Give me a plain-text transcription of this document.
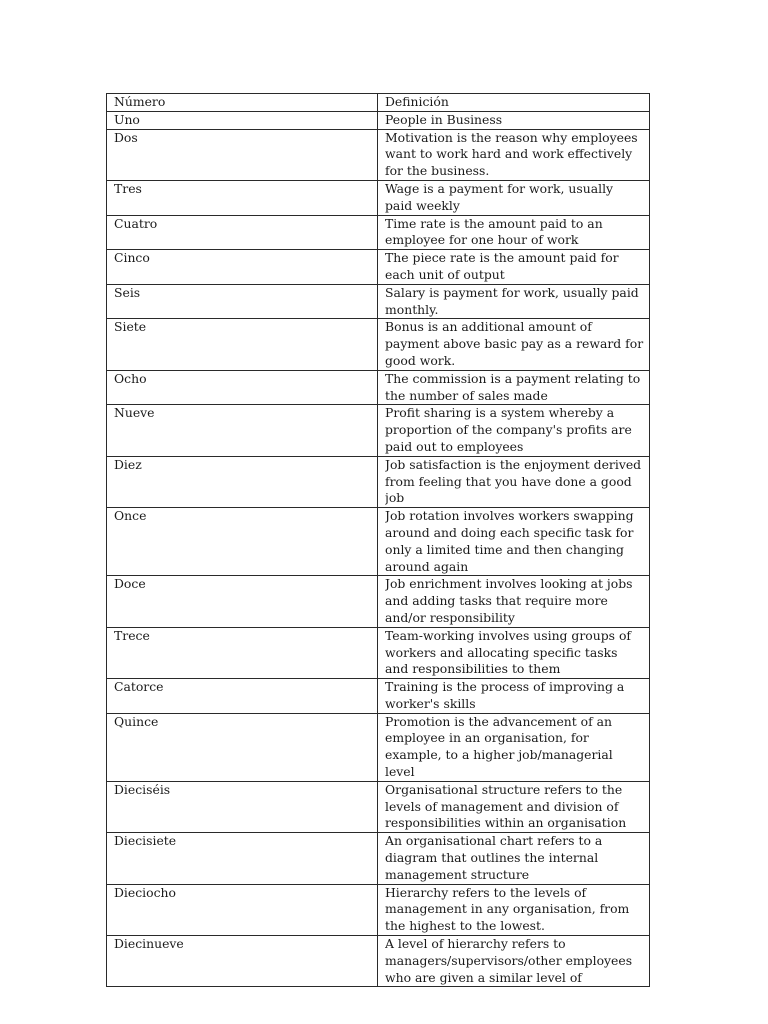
Número	Definición
Uno	People in Business

Dos	Motivation is the reason why employees want to work hard and work effectively for the business.

Tres	Wage is a payment for work, usually paid weekly

Cuatro	Time rate is the amount paid to an employee for one hour of work

Cinco	The piece rate is the amount paid for each unit of output

Seis	Salary is payment for work, usually paid monthly.

Siete	Bonus is an additional amount of payment above basic pay as a reward for good work.

Ocho	The commission is a payment relating to the number of sales made

Nueve	Profit sharing is a system whereby a proportion of the company's profits are paid out to employees

Diez	Job satisfaction is the enjoyment derived from feeling that you have done a good job

Once	Job rotation involves workers swapping around and doing each specific task for only a limited time and then changing around again

Doce	Job enrichment involves looking at jobs and adding tasks that require more and/or responsibility

Trece	Team-working involves using groups of workers and allocating specific tasks and responsibilities to them

Catorce	Training is the process of improving a worker's skills

Quince	Promotion is the advancement of an employee in an organisation, for example, to a higher job/managerial level

Dieciséis	Organisational structure refers to the levels of management and division of responsibilities within an organisation

Diecisiete	An organisational chart refers to a diagram that outlines the internal management structure

Dieciocho	Hierarchy refers to the levels of management in any organisation, from the highest to the lowest.

Diecinueve	A level of hierarchy refers to managers/supervisors/other employees who are given a similar level of
